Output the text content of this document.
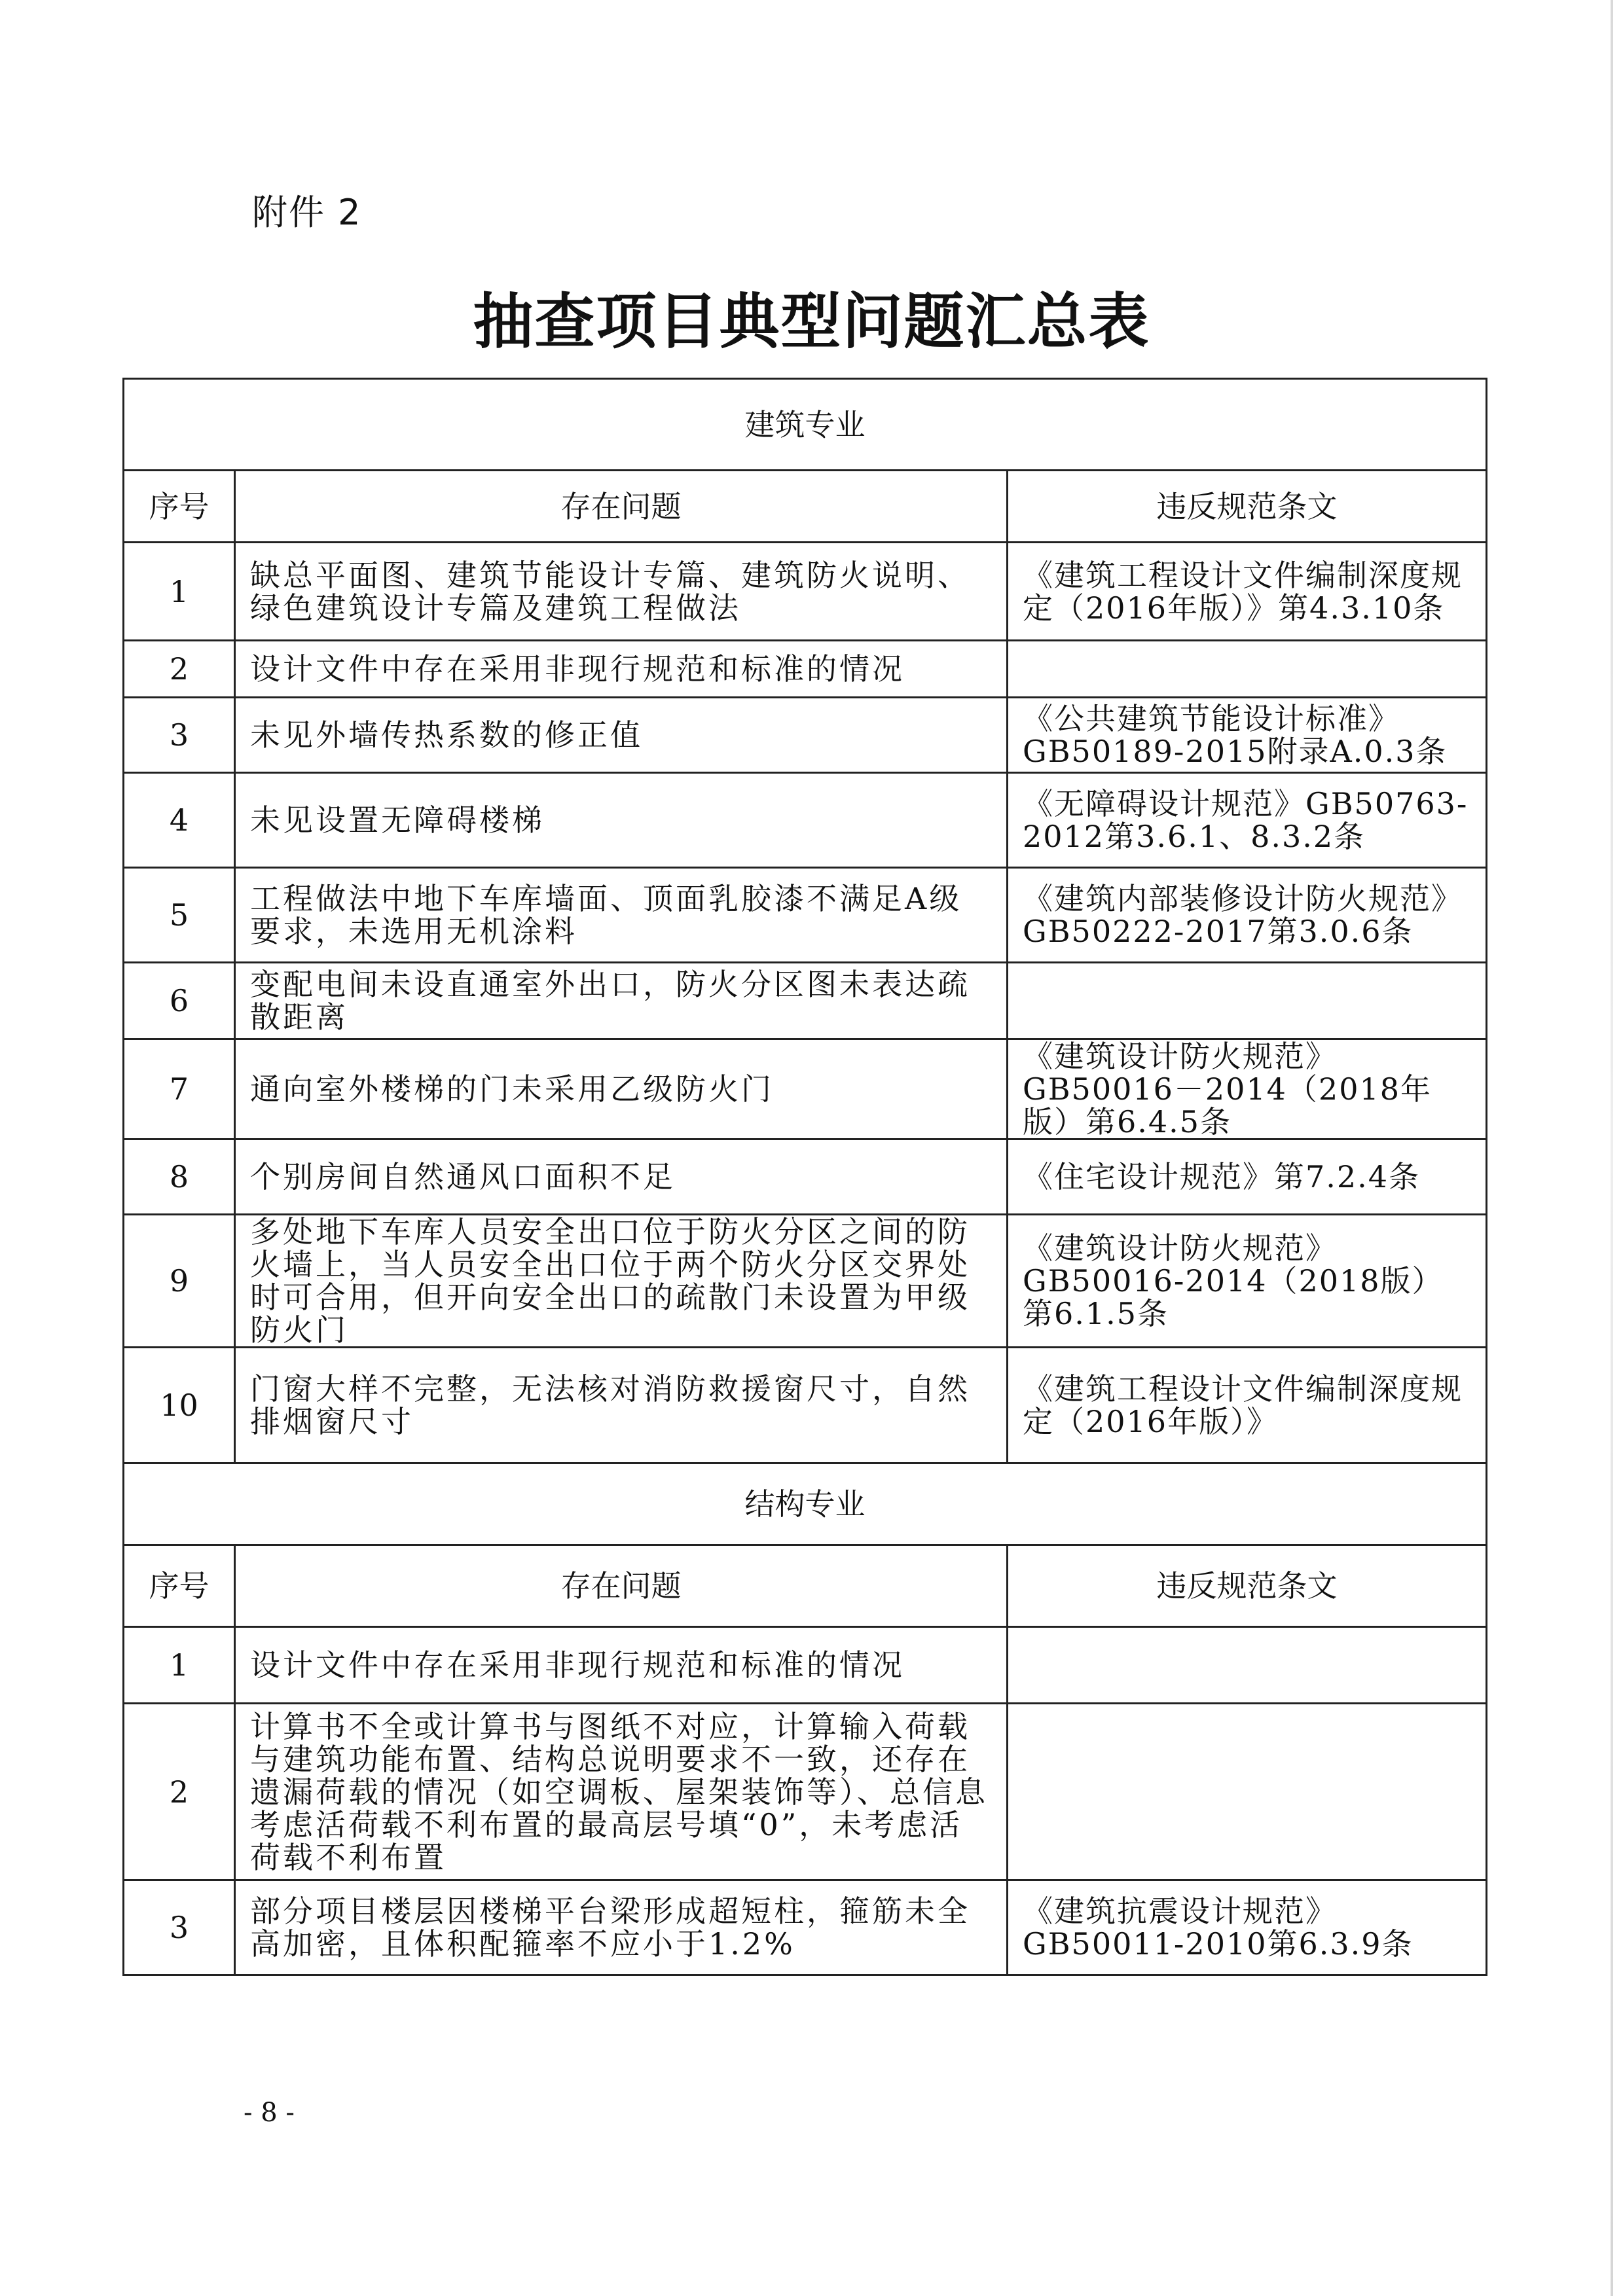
附件 2
抽查项目典型问题汇总表
建筑专业		
序号	存在问题	违反规范条文
1	缺总平面图、建筑节能设计专篇、建筑防火说明、绿色建筑设计专篇及建筑工程做法	《建筑工程设计文件编制深度规定（2016年版）》第4.3.10条
2	设计文件中存在采用非现行规范和标准的情况	
3	未见外墙传热系数的修正值	《公共建筑节能设计标准》GB50189-2015附录A.0.3条
4	未见设置无障碍楼梯	《无障碍设计规范》GB50763-2012第3.6.1、8.3.2条
5	工程做法中地下车库墙面、顶面乳胶漆不满足A级要求，未选用无机涂料	《建筑内部装修设计防火规范》GB50222-2017第3.0.6条
6	变配电间未设直通室外出口，防火分区图未表达疏散距离	
7	通向室外楼梯的门未采用乙级防火门	《建筑设计防火规范》GB50016－2014（2018年版）第6.4.5条
8	个别房间自然通风口面积不足	《住宅设计规范》第7.2.4条
9	多处地下车库人员安全出口位于防火分区之间的防火墙上，当人员安全出口位于两个防火分区交界处时可合用，但开向安全出口的疏散门未设置为甲级防火门	《建筑设计防火规范》GB50016-2014（2018版）第6.1.5条
10	门窗大样不完整，无法核对消防救援窗尺寸，自然排烟窗尺寸	《建筑工程设计文件编制深度规定（2016年版）》
结构专业		
序号	存在问题	违反规范条文
1	设计文件中存在采用非现行规范和标准的情况	
2	计算书不全或计算书与图纸不对应，计算输入荷载与建筑功能布置、结构总说明要求不一致，还存在遗漏荷载的情况（如空调板、屋架装饰等）、总信息考虑活荷载不利布置的最高层号填“0”，未考虑活荷载不利布置	
3	部分项目楼层因楼梯平台梁形成超短柱，箍筋未全高加密，且体积配箍率不应小于1.2%	《建筑抗震设计规范》GB50011-2010第6.3.9条
- 8 -
